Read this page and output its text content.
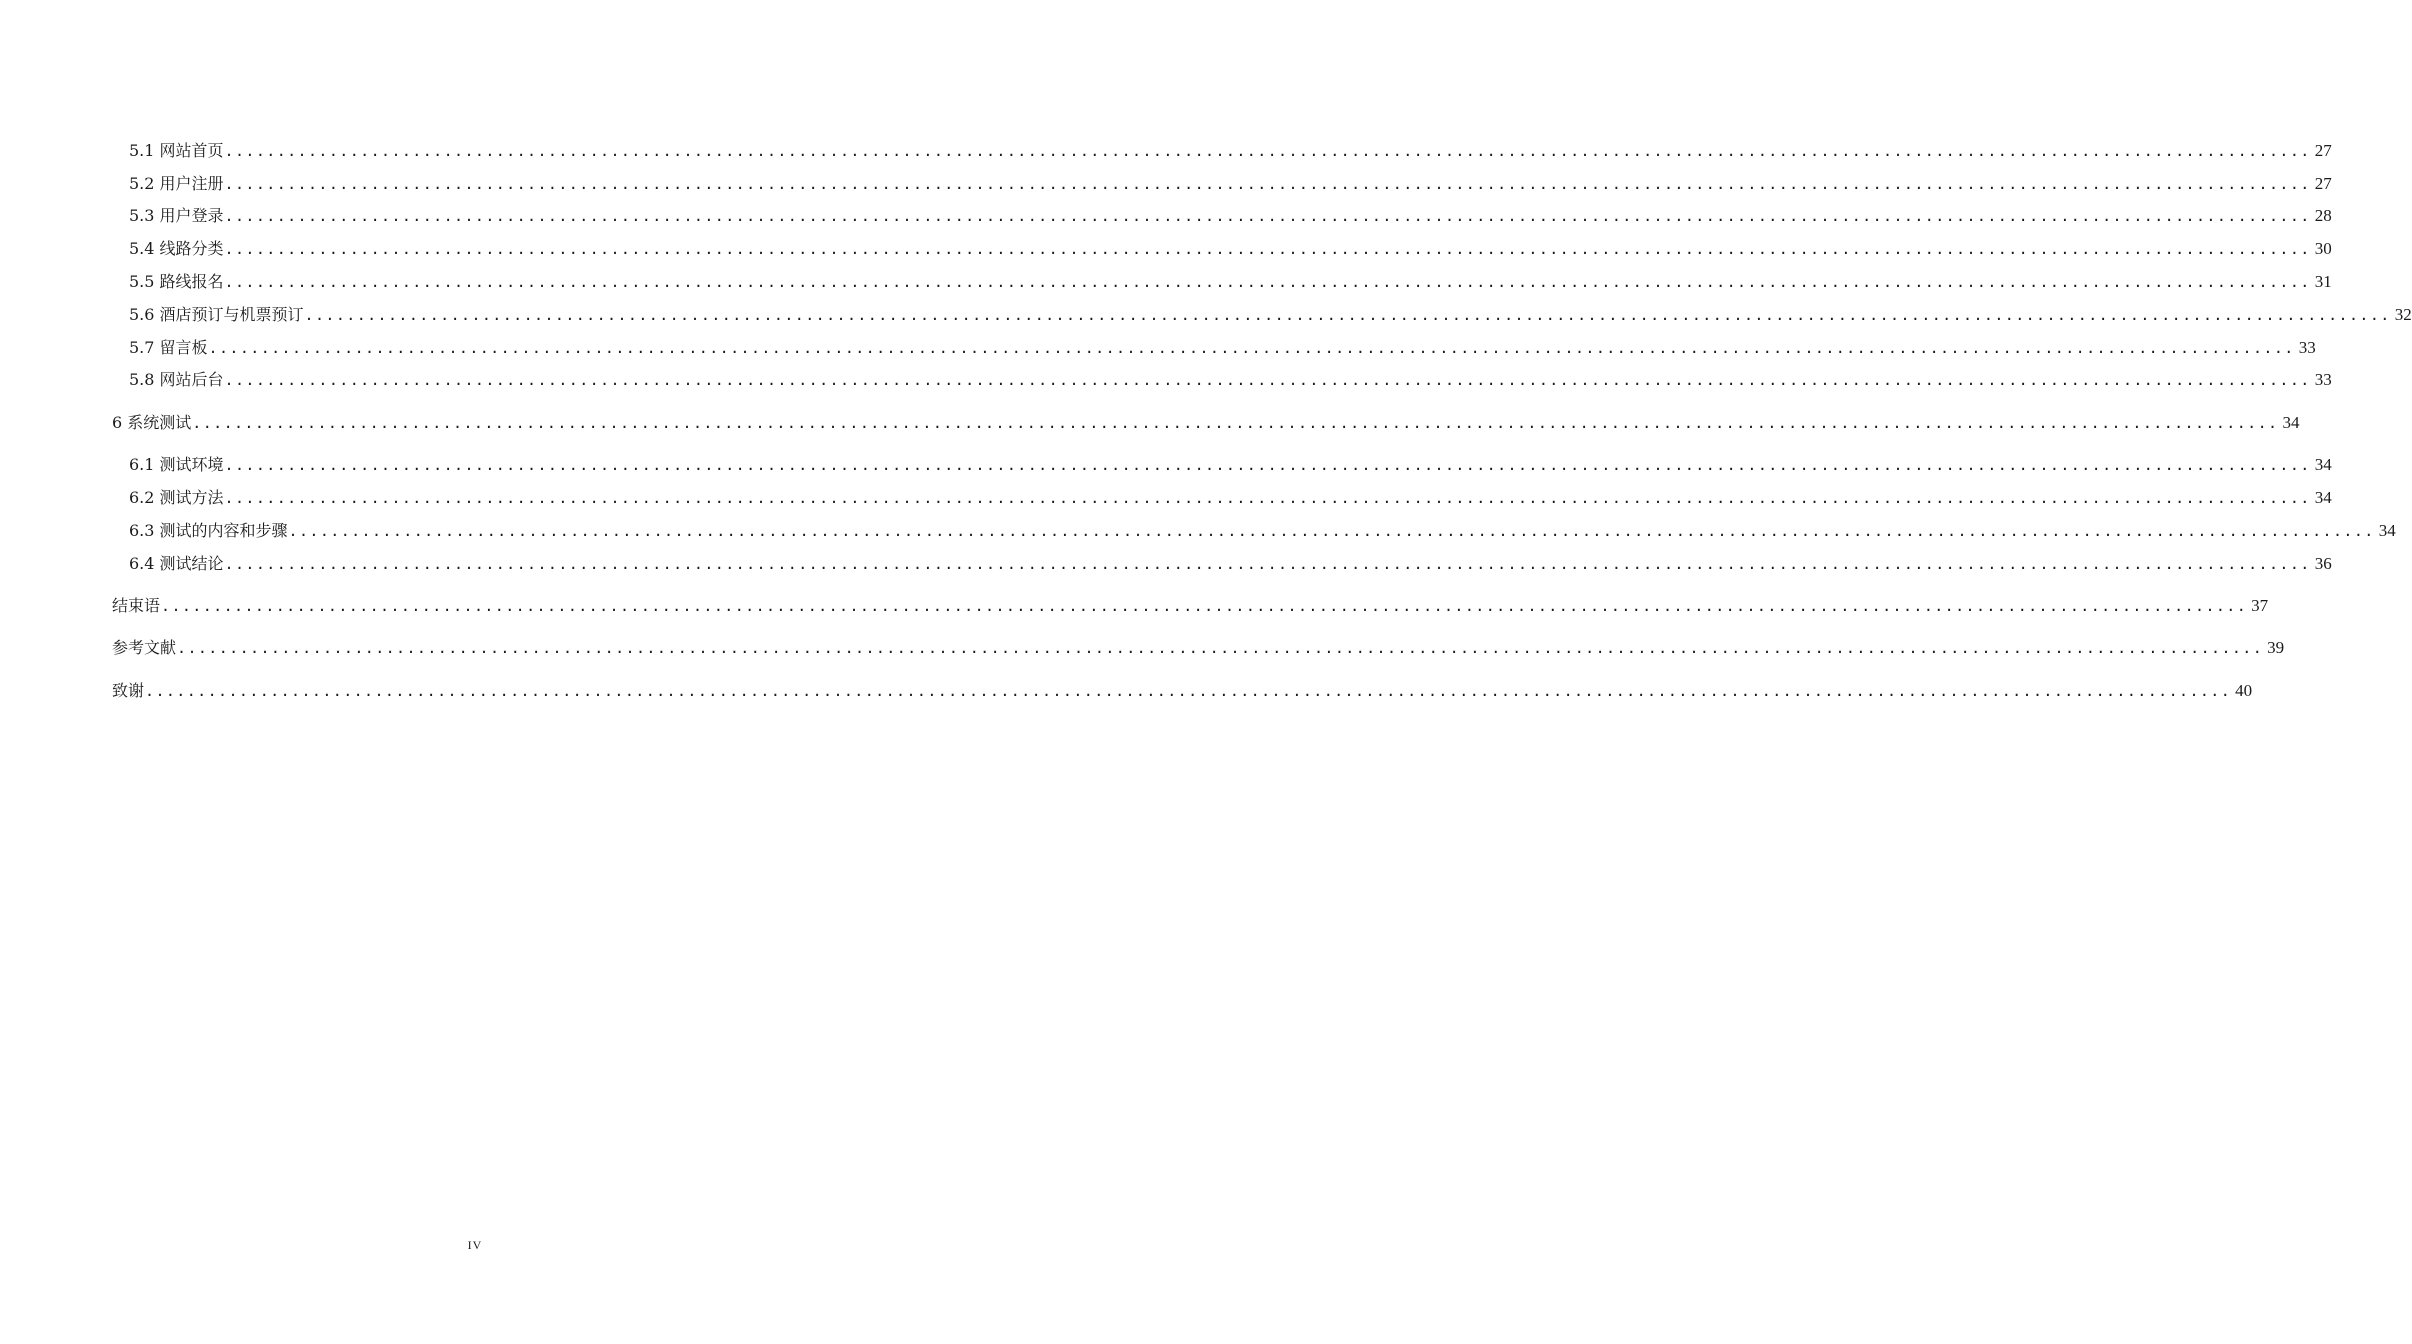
5.1 网站首页 ........................................................................................................................................................................................................ 27
5.2 用户注册 ........................................................................................................................................................................................................ 27
5.3 用户登录 ........................................................................................................................................................................................................ 28
5.4 线路分类 ........................................................................................................................................................................................................ 30
5.5 路线报名 ........................................................................................................................................................................................................ 31
5.6 酒店预订与机票预订 ........................................................................................................................................................................................................ 32
5.7 留言板 ........................................................................................................................................................................................................ 33
5.8 网站后台 ........................................................................................................................................................................................................ 33
6 系统测试 ........................................................................................................................................................................................................ 34
6.1 测试环境 ........................................................................................................................................................................................................ 34
6.2 测试方法 ........................................................................................................................................................................................................ 34
6.3 测试的内容和步骤 ........................................................................................................................................................................................................ 34
6.4 测试结论 ........................................................................................................................................................................................................ 36
结束语 ........................................................................................................................................................................................................ 37
参考文献 ........................................................................................................................................................................................................ 39
致谢 ........................................................................................................................................................................................................ 40
IV
